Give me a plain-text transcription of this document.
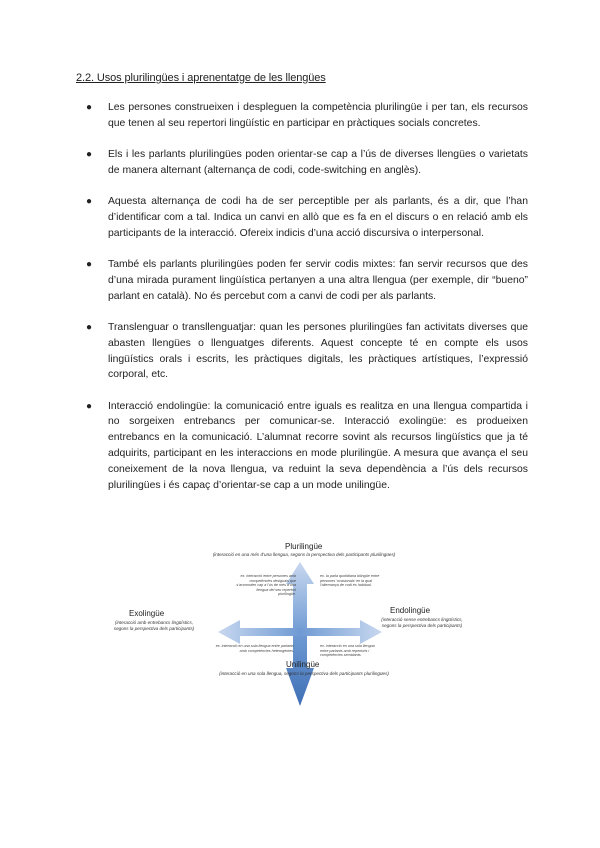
2.2. Usos plurilingües i aprenentatge de les llengües
● Les persones construeixen i despleguen la competència plurilingüe i per tan, els recursos que tenen al seu repertori lingüístic en participar en pràctiques socials concretes.
● Els i les parlants plurilingües poden orientar-se cap a l’ús de diverses llengües o varietats de manera alternant (alternança de codi, code-switching en anglès).
● Aquesta alternança de codi ha de ser perceptible per als parlants, és a dir, que l’han d’identificar com a tal. Indica un canvi en allò que es fa en el discurs o en relació amb els participants de la interacció. Ofereix indicis d’una acció discursiva o interpersonal.
● També els parlants plurilingües poden fer servir codis mixtes: fan servir recursos que des d’una mirada purament lingüística pertanyen a una altra llengua (per exemple, dir “bueno” parlant en català). No és percebut com a canvi de codi per als parlants.
● Translenguar o transllenguatjar: quan les persones plurilingües fan activitats diverses que abasten llengües o llenguatges diferents. Aquest concepte té en compte els usos lingüístics orals i escrits, les pràctiques digitals, les pràctiques artístiques, l’expressió corporal, etc.
● Interacció endolingüe: la comunicació entre iguals es realitza en una llengua compartida i no sorgeixen entrebancs per comunicar-se. Interacció exolingüe: es produeixen entrebancs en la comunicació. L’alumnat recorre sovint als recursos lingüístics que ja té adquirits, participant en les interaccions en mode plurilingüe. A mesura que avança el seu coneixement de la nova llengua, va reduint la seva dependència a l’ús dels recursos plurilingües i és capaç d’orientar-se cap a un mode unilingüe.
Plurilingüe
(interacció en una més d’una llengua, segons la perspectiva dels participants plurilingües)
Unilingüe
(interacció en una sola llengua, segons la perspectiva dels participants plurilingües)
Exolingüe
(interacció amb entrebancs lingüístics,
segons la perspectiva dels participants)
Endolingüe
(interacció sense entrebancs lingüístics,
segons la perspectiva dels participants)
ex. interacció entre persones amb
competències desiguals que
s’acomoden cap a l’ús de més d’una
llengua del seu repertori
plurilingüe.
ex. la parla quotidiana bilingüe entre
persones ‘ocasionals’ en la qual
l’alternança de codi és habitual.
ex. interacció en una sola llengua entre parlants
amb competències heterogènies.
ex. interacció en una sola llengua
entre parlants amb repertoris i
competències semblants.
